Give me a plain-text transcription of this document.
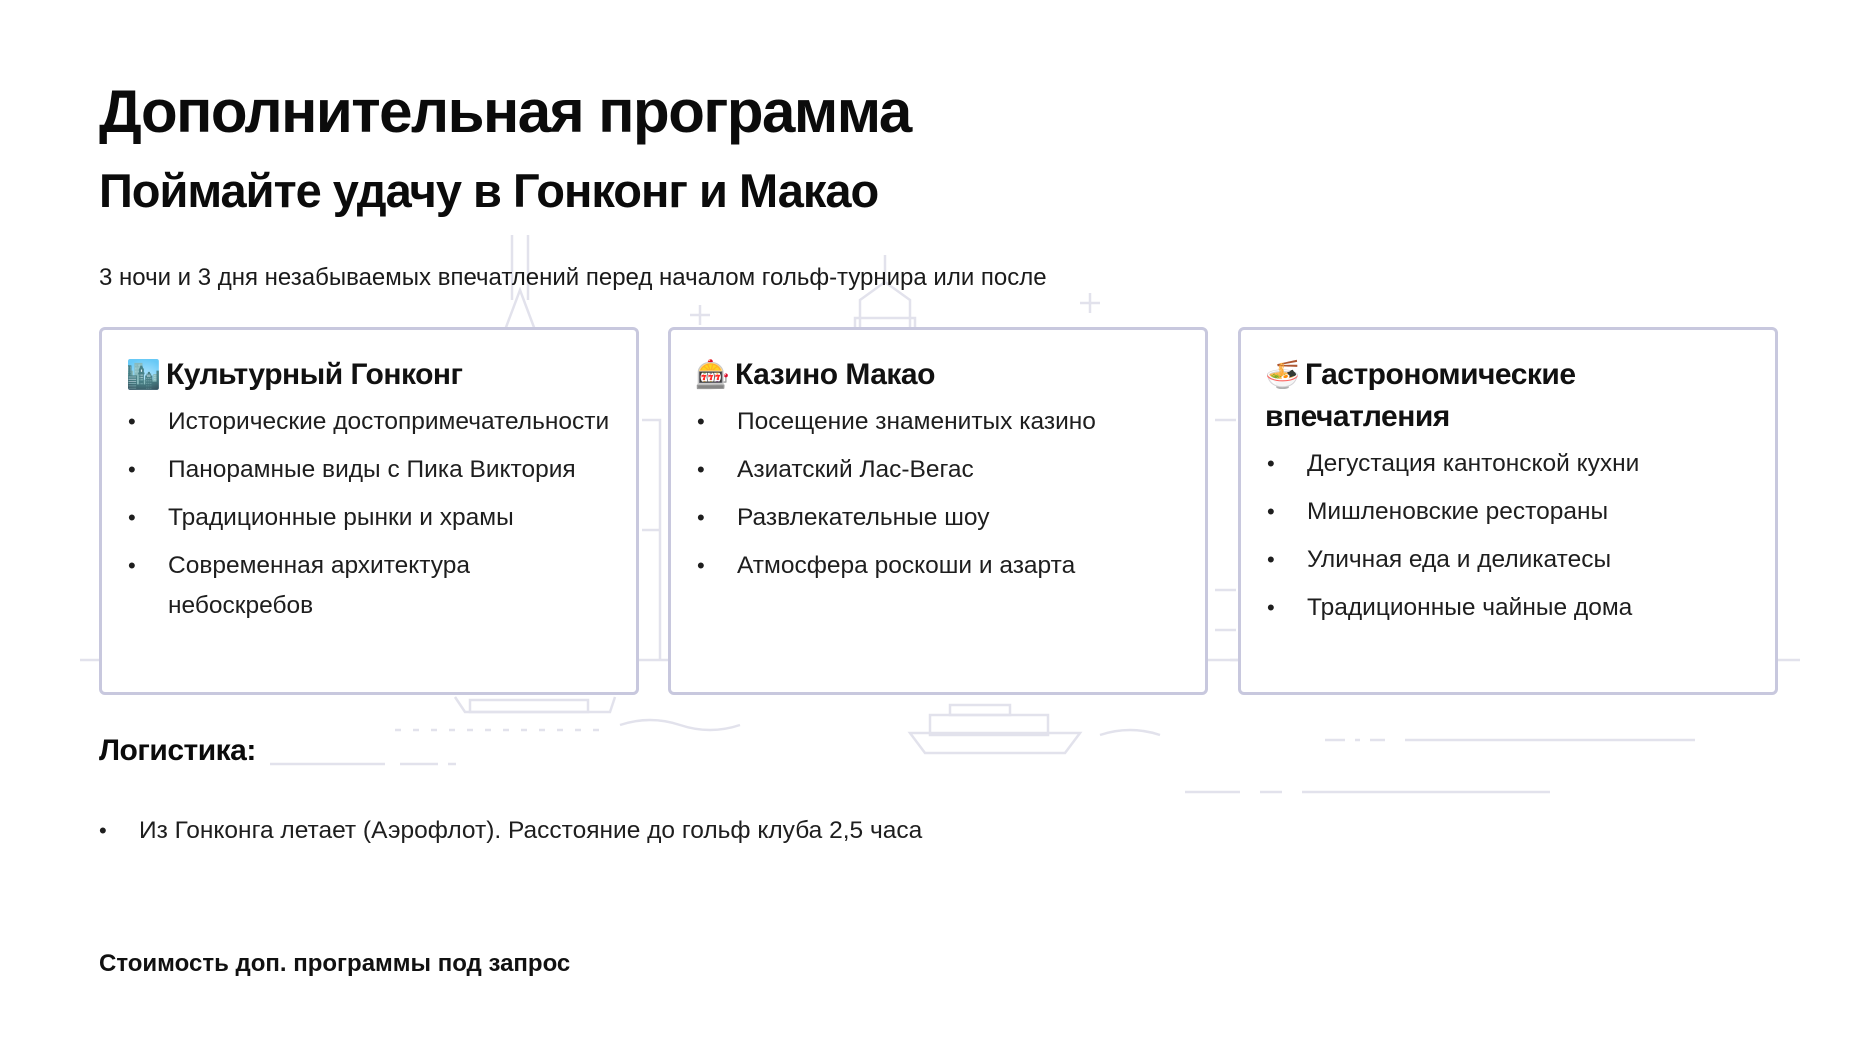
Дополнительная программа
Поймайте удачу в Гонконг и Макао

3 ночи и 3 дня незабываемых впечатлений перед началом гольф-турнира или после

🏙️ Культурный Гонконг
• Исторические достопримечательности
• Панорамные виды с Пика Виктория
• Традиционные рынки и храмы
• Современная архитектура небоскребов
🎰 Казино Макао
• Посещение знаменитых казино
• Азиатский Лас-Вегас
• Развлекательные шоу
• Атмосфера роскоши и азарта
🍜 Гастрономические впечатления
• Дегустация кантонской кухни
• Мишленовские рестораны
• Уличная еда и деликатесы
• Традиционные чайные дома
Логистика:
• Из Гонконга летает (Аэрофлот). Расстояние до гольф клуба 2,5 часа

Стоимость доп. программы под запрос
